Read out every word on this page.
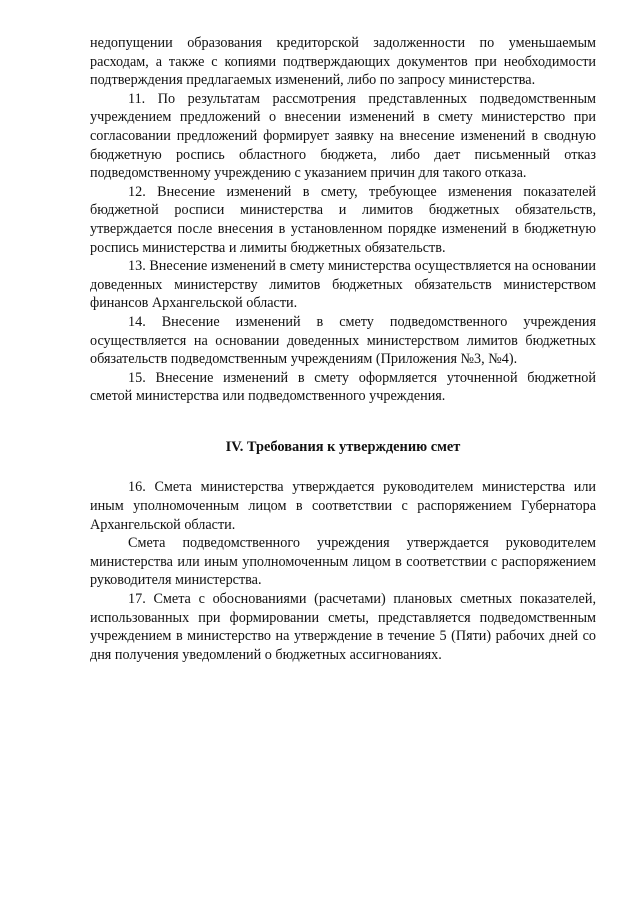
недопущении образования кредиторской задолженности по уменьшаемым расходам, а также с копиями подтверждающих документов при необходимости подтверждения предлагаемых изменений, либо по запросу министерства.

11. По результатам рассмотрения представленных подведомственным учреждением предложений о внесении изменений в смету министерство при согласовании предложений формирует заявку на внесение изменений в сводную бюджетную роспись областного бюджета, либо дает письменный отказ подведомственному учреждению с указанием причин для такого отказа.

12. Внесение изменений в смету, требующее изменения показателей бюджетной росписи министерства и лимитов бюджетных обязательств, утверждается после внесения в установленном порядке изменений в бюджетную роспись министерства и лимиты бюджетных обязательств.

13. Внесение изменений в смету министерства осуществляется на основании доведенных министерству лимитов бюджетных обязательств министерством финансов Архангельской области.

14. Внесение изменений в смету подведомственного учреждения осуществляется на основании доведенных министерством лимитов бюджетных обязательств подведомственным учреждениям (Приложения №3, №4).

15. Внесение изменений в смету оформляется уточненной бюджетной сметой министерства или подведомственного учреждения.

IV. Требования к утверждению смет

16. Смета министерства утверждается руководителем министерства или иным уполномоченным лицом в соответствии с распоряжением Губернатора Архангельской области.

Смета подведомственного учреждения утверждается руководителем министерства или иным уполномоченным лицом в соответствии с распоряжением руководителя министерства.

17. Смета с обоснованиями (расчетами) плановых сметных показателей, использованных при формировании сметы, представляется подведомственным учреждением в министерство на утверждение в течение 5 (Пяти) рабочих дней со дня получения уведомлений о бюджетных ассигнованиях.
